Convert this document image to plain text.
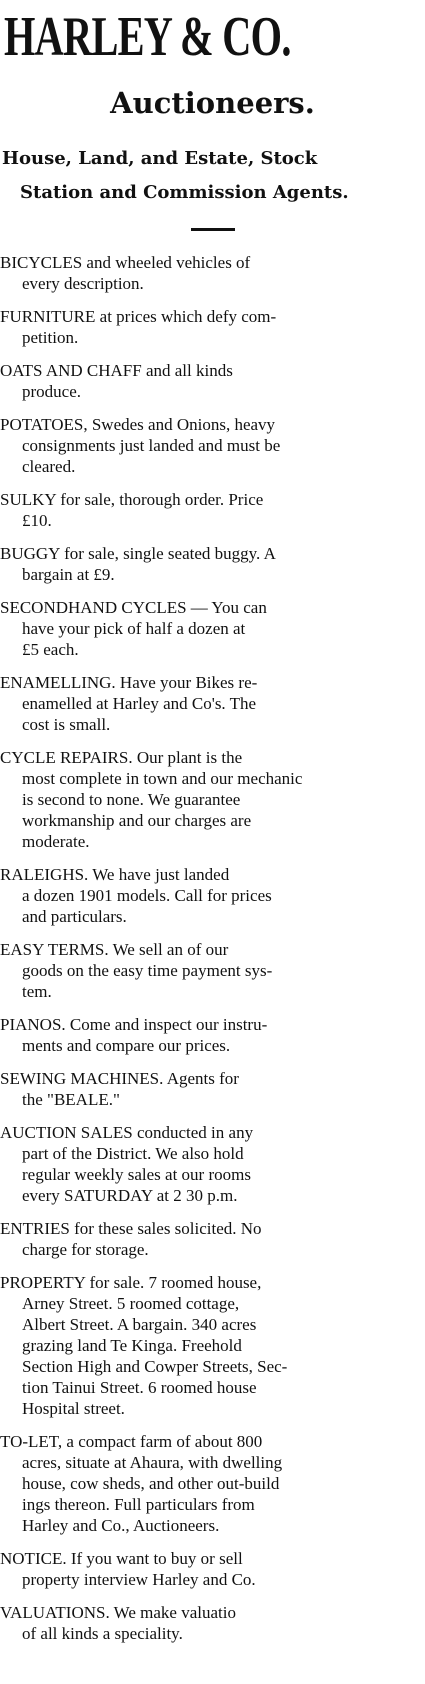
HARLEY & CO.
Auctioneers.
House, Land, and Estate, Stock
Station and Commission Agents.
BICYCLES and wheeled vehicles of
every description.
FURNITURE at prices which defy com-
petition.
OATS AND CHAFF and all kinds
produce.
POTATOES, Swedes and Onions, heavy
consignments just landed and must be
cleared.
SULKY for sale, thorough order. Price
£10.
BUGGY for sale, single seated buggy. A
bargain at £9.
SECONDHAND CYCLES — You can
have your pick of half a dozen at
£5 each.
ENAMELLING. Have your Bikes re-
enamelled at Harley and Co's. The
cost is small.
CYCLE REPAIRS. Our plant is the
most complete in town and our mechanic
is second to none. We guarantee
workmanship and our charges are
moderate.
RALEIGHS. We have just landed
a dozen 1901 models. Call for prices
and particulars.
EASY TERMS. We sell an of our
goods on the easy time payment sys-
tem.
PIANOS. Come and inspect our instru-
ments and compare our prices.
SEWING MACHINES. Agents for
the "BEALE."
AUCTION SALES conducted in any
part of the District. We also hold
regular weekly sales at our rooms
every SATURDAY at 2 30 p.m.
ENTRIES for these sales solicited. No
charge for storage.
PROPERTY for sale. 7 roomed house,
Arney Street. 5 roomed cottage,
Albert Street. A bargain. 340 acres
grazing land Te Kinga. Freehold
Section High and Cowper Streets, Sec-
tion Tainui Street. 6 roomed house
Hospital street.
TO-LET, a compact farm of about 800
acres, situate at Ahaura, with dwelling
house, cow sheds, and other out-build
ings thereon. Full particulars from
Harley and Co., Auctioneers.
NOTICE. If you want to buy or sell
property interview Harley and Co.
VALUATIONS. We make valuatio
of all kinds a speciality.
